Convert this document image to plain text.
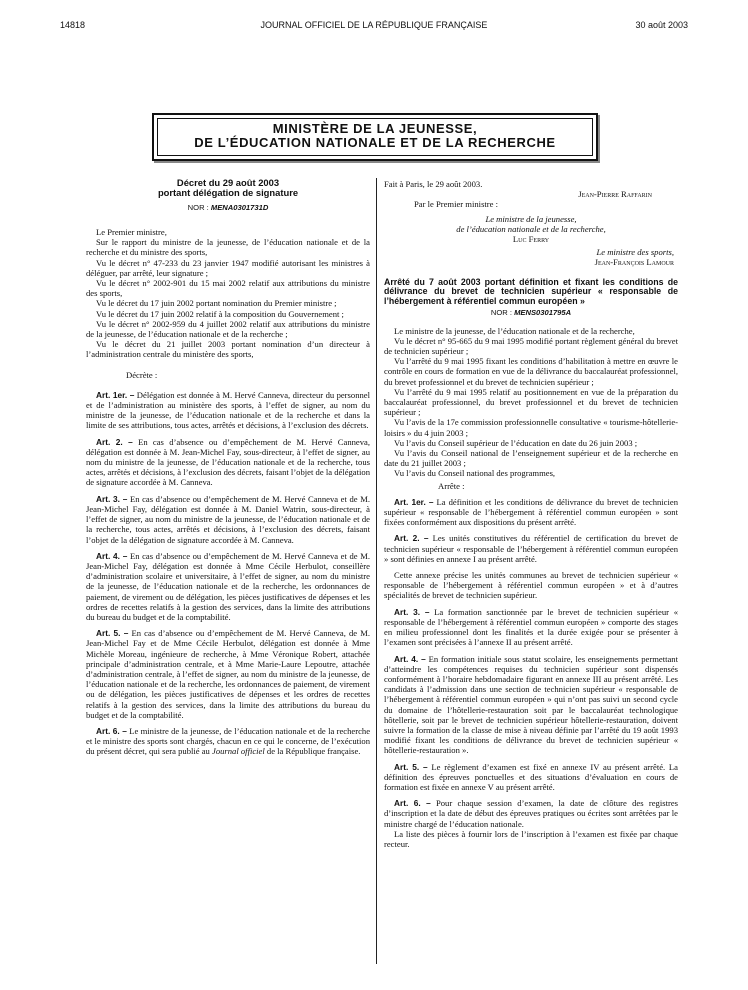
14818	JOURNAL OFFICIEL DE LA RÉPUBLIQUE FRANÇAISE	30 août 2003
MINISTÈRE DE LA JEUNESSE,
DE L’ÉDUCATION NATIONALE ET DE LA RECHERCHE
Décret du 29 août 2003
portant délégation de signature
NOR : MENA0301731D

Le Premier ministre,

Sur le rapport du ministre de la jeunesse, de l’éducation nationale et de la recherche et du ministre des sports,

Vu le décret n° 47-233 du 23 janvier 1947 modifié autorisant les ministres à déléguer, par arrêté, leur signature ;

Vu le décret n° 2002-901 du 15 mai 2002 relatif aux attributions du ministre des sports,

Vu le décret du 17 juin 2002 portant nomination du Premier ministre ;

Vu le décret du 17 juin 2002 relatif à la composition du Gouvernement ;

Vu le décret n° 2002-959 du 4 juillet 2002 relatif aux attributions du ministre de la jeunesse, de l’éducation nationale et de la recherche ;

Vu le décret du 21 juillet 2003 portant nomination d’un directeur à l’administration centrale du ministère des sports,

Décrète :

Art. 1er. – Délégation est donnée à M. Hervé Canneva, directeur du personnel et de l’administration au ministère des sports, à l’effet de signer, au nom du ministre de la jeunesse, de l’éducation nationale et de la recherche et dans la limite de ses attributions, tous actes, arrêtés et décisions, à l’exclusion des décrets.

Art. 2. – En cas d’absence ou d’empêchement de M. Hervé Canneva, délégation est donnée à M. Jean-Michel Fay, sous-directeur, à l’effet de signer, au nom du ministre de la jeunesse, de l’éducation nationale et de la recherche, tous actes, arrêtés et décisions, à l’exclusion des décrets, faisant l’objet de la délégation de signature accordée à M. Canneva.

Art. 3. – En cas d’absence ou d’empêchement de M. Hervé Canneva et de M. Jean-Michel Fay, délégation est donnée à M. Daniel Watrin, sous-directeur, à l’effet de signer, au nom du ministre de la jeunesse, de l’éducation nationale et de la recherche, tous actes, arrêtés et décisions, à l’exclusion des décrets, faisant l’objet de la délégation de signature accordée à M. Canneva.

Art. 4. – En cas d’absence ou d’empêchement de M. Hervé Canneva et de M. Jean-Michel Fay, délégation est donnée à Mme Cécile Herbulot, conseillère d’administration scolaire et universitaire, à l’effet de signer, au nom du ministre de la jeunesse, de l’éducation nationale et de la recherche, les ordonnances de paiement, de virement ou de délégation, les pièces justificatives de dépenses et les ordres de recettes relatifs à la gestion des services, dans la limite des attributions du bureau du budget et de la comptabilité.

Art. 5. – En cas d’absence ou d’empêchement de M. Hervé Canneva, de M. Jean-Michel Fay et de Mme Cécile Herbulot, délégation est donnée à Mme Michèle Moreau, ingénieure de recherche, à Mme Véronique Robert, attachée principale d’administration centrale, et à Mme Marie-Laure Lepoutre, attachée d’administration centrale, à l’effet de signer, au nom du ministre de la jeunesse, de l’éducation nationale et de la recherche, les ordonnances de paiement, de virement ou de délégation, les pièces justificatives de dépenses et les ordres de recettes relatifs à la gestion des services, dans la limite des attributions du bureau du budget et de la comptabilité.

Art. 6. – Le ministre de la jeunesse, de l’éducation nationale et de la recherche et le ministre des sports sont chargés, chacun en ce qui le concerne, de l’exécution du présent décret, qui sera publié au Journal officiel de la République française.

Fait à Paris, le 29 août 2003.

Jean-Pierre Raffarin

Par le Premier ministre :

Le ministre de la jeunesse,

de l’éducation nationale et de la recherche,

Luc Ferry

Le ministre des sports,

Jean-François Lamour

Arrêté du 7 août 2003 portant définition et fixant les conditions de délivrance du brevet de technicien supérieur « responsable de l’hébergement à référentiel commun européen »
NOR : MENS0301795A

Le ministre de la jeunesse, de l’éducation nationale et de la recherche,

Vu le décret n° 95-665 du 9 mai 1995 modifié portant règlement général du brevet de technicien supérieur ;

Vu l’arrêté du 9 mai 1995 fixant les conditions d’habilitation à mettre en œuvre le contrôle en cours de formation en vue de la délivrance du baccalauréat professionnel, du brevet professionnel et du brevet de technicien supérieur ;

Vu l’arrêté du 9 mai 1995 relatif au positionnement en vue de la préparation du baccalauréat professionnel, du brevet professionnel et du brevet de technicien supérieur ;

Vu l’avis de la 17e commission professionnelle consultative « tourisme-hôtellerie-loisirs » du 4 juin 2003 ;

Vu l’avis du Conseil supérieur de l’éducation en date du 26 juin 2003 ;

Vu l’avis du Conseil national de l’enseignement supérieur et de la recherche en date du 21 juillet 2003 ;

Vu l’avis du Conseil national des programmes,

Arrête :

Art. 1er. – La définition et les conditions de délivrance du brevet de technicien supérieur « responsable de l’hébergement à référentiel commun européen » sont fixées conformément aux dispositions du présent arrêté.

Art. 2. – Les unités constitutives du référentiel de certification du brevet de technicien supérieur « responsable de l’hébergement à référentiel commun européen » sont définies en annexe I au présent arrêté.

Cette annexe précise les unités communes au brevet de technicien supérieur « responsable de l’hébergement à référentiel commun européen » et à d’autres spécialités de brevet de technicien supérieur.

Art. 3. – La formation sanctionnée par le brevet de technicien supérieur « responsable de l’hébergement à référentiel commun européen » comporte des stages en milieu professionnel dont les finalités et la durée exigée pour se présenter à l’examen sont précisées à l’annexe II au présent arrêté.

Art. 4. – En formation initiale sous statut scolaire, les enseignements permettant d’atteindre les compétences requises du technicien supérieur sont dispensés conformément à l’horaire hebdomadaire figurant en annexe III au présent arrêté. Les candidats à l’admission dans une section de technicien supérieur « responsable de l’hébergement à référentiel commun européen » qui n’ont pas suivi un second cycle du domaine de l’hôtellerie-restauration soit par le baccalauréat technologique hôtellerie, soit par le brevet de technicien supérieur hôtellerie-restauration, doivent suivre la formation de la classe de mise à niveau définie par l’arrêté du 19 août 1993 modifié fixant les conditions de délivrance du brevet de technicien supérieur « hôtellerie-restauration ».

Art. 5. – Le règlement d’examen est fixé en annexe IV au présent arrêté. La définition des épreuves ponctuelles et des situations d’évaluation en cours de formation est fixée en annexe V au présent arrêté.

Art. 6. – Pour chaque session d’examen, la date de clôture des registres d’inscription et la date de début des épreuves pratiques ou écrites sont arrêtées par le ministre chargé de l’éducation nationale.

La liste des pièces à fournir lors de l’inscription à l’examen est fixée par chaque recteur.
